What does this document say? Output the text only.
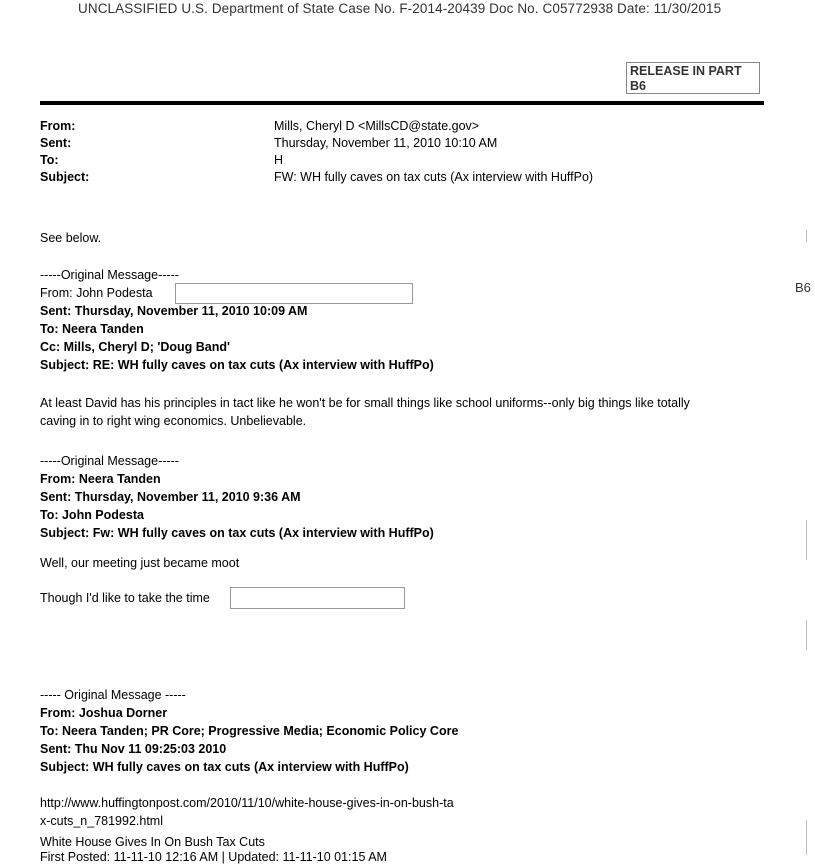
UNCLASSIFIED U.S. Department of State Case No. F-2014-20439 Doc No. C05772938 Date: 11/30/2015
RELEASE IN PART
B6
From:	Mills, Cheryl D <MillsCD@state.gov>
Sent:	Thursday, November 11, 2010 10:10 AM
To:	H
Subject:	FW: WH fully caves on tax cuts (Ax interview with HuffPo)
See below.
-----Original Message-----
From: John Podesta	B6
Sent: Thursday, November 11, 2010 10:09 AM
To: Neera Tanden
Cc: Mills, Cheryl D; 'Doug Band'
Subject: RE: WH fully caves on tax cuts (Ax interview with HuffPo)
At least David has his principles in tact like he won't be for small things like school uniforms--only big things like totally
caving in to right wing economics. Unbelievable.
-----Original Message-----
From: Neera Tanden
Sent: Thursday, November 11, 2010 9:36 AM
To: John Podesta
Subject: Fw: WH fully caves on tax cuts (Ax interview with HuffPo)
Well, our meeting just became moot
Though I'd like to take the time
----- Original Message -----
From: Joshua Dorner
To: Neera Tanden; PR Core; Progressive Media; Economic Policy Core
Sent: Thu Nov 11 09:25:03 2010
Subject: WH fully caves on tax cuts (Ax interview with HuffPo)
http://www.huffingtonpost.com/2010/11/10/white-house-gives-in-on-bush-ta
x-cuts_n_781992.html
White House Gives In On Bush Tax Cuts
First Posted: 11-11-10 12:16 AM | Updated: 11-11-10 01:15 AM
